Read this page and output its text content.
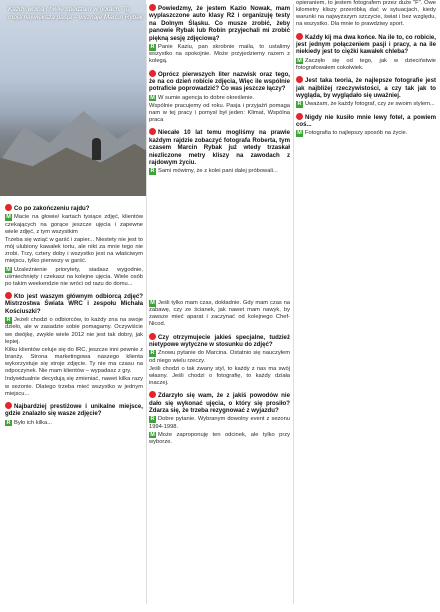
Każdy wolną chwilę spędzam w górach. To moja największa pasja – wyznaje Marcin Rybak

Co po zakończeniu rajdu?

M Macie na głowie/ kartach tysiące zdjęć, klientów czekających na gorące jeszcze ujęcia i zapewne wiele zdjęć, z tym wszystkim

Trzeba się wziąć w garść i zapier... Niestety nie jest to mój ulubiony kawałek tortu, ale nikt za mnie tego nie zrobi. Trzy, cztery doby i wszystko jest na właściwym miejscu, tylko pierwszy w garść.

M Uzależnienie priorytety, siadasz wygodnie, uśmiechnięty i czekasz na kolejne ujęcia. Wiele osób po takim weekendzie nie wróci od razu do domu...

Kto jest waszym głównym odbiorcą zdjęć? Mistrzostwa Świata WRC i zespołu Michała Kościuszki?

R Jeżeli chodzi o odbiorców, to każdy zna na swoje dzieło, ale w zasadzie sobie pomagamy. Oczywiście we dwójkę, zwykle wiele 2012 nie jest tak dobry, jak lepiej.

Kilku klientów celuje się do IRC, jeszcze inni pewnie z branży. Strona marketingowa naszego klienta wykorzystuje się stroje zdjęcie. Ty nie ma czasu na odpoczynek. Nie mam klientów – wypadasz z gry.

Indywidualnie decydują się zmieniać, nawet kilka razy w sezonie. Dlatego trzeba mieć wszystko w jednym miejscu...

Najbardziej prestiżowe i unikalne miejsce, gdzie znalazło się wasze zdjęcie?

R Było ich kilka...

Powiedzmy, że jestem Kazio Nowak, mam wyplaszczone auto klasy R2 i organizuję testy na Dolnym Śląsku. Co musze zrobić, żeby panowie Rybak lub Robin przyjechali mi zrobić piękną sesję zdjęciową?

R Panie Kaziu, pan skrobnie maila, to ustalimy wszystko na spokojnie. Może przyjedziemy razem z kolegą.

Oprócz pierwszych liter nazwisk oraz tego, że na co dzień robicie zdjęcia, Więc ile wspólnie potraficie poprowadzić? Co was jeszcze łączy?

M W sumie agencja to dobre określenie.

Wspólnie pracujemy od roku. Pasja i przyjaźń pomaga nam w tej pracy i pomysł był jeden: Klimat, Wspólna praca

Niecałe 10 lat temu mogliśmy na prawie każdym rajdzie zobaczyć fotografa Roberta, tym czasem Marcin Rybak już wtedy trzaskał niezliczone metry kliszy na zawodach z rajdowym życiu.

R Sami mówimy, że z kolei pani dalej próbowali...

M Jeśli tylko mam czas, dokładnie. Gdy mam czas na zabawę, czy ze ścianek, jak nawet mam nawyk, by zawsze mieć aparat i zaczynać od kolejnego Chef-Nicod.

Czy otrzymujecie jakieś specjalne, tudzież nietypowe wytyczne w stosunku do zdjęć?

R Znowu pytanie do Marcina. Ostatnio się nauczyłem od niego wielu rzeczy.

Jeśli chodzi o tak zwany styl, to każdy z nas ma swój własny. Jeśli chodzi o fotografię, to każdy działa inaczej.

Zdarzyło się wam, że z jakiś powodów nie dało się wykonać ujęcia, o który się prosiło? Zdarza się, że trzeba rezygnować z wyjazdu?

R Dobre pytanie. Wybranym dowolny event z sezonu 1994-1998.

M Może zaproponuję ten odcinek, ale tylko przy wyborze.

opieraniem, to jestem fotografem przez duże "F". Owe kilometry kliszy przeróbką dać w sytuacjach, kiedy warunki na najwyższym szczycie, świat i bez względu, na wszystko. Dla mnie to prawdziwy sport.

Każdy kij ma dwa końce. Na ile to, co robicie, jest jednym połączeniem pasji i pracy, a na ile niekiedy jest to ciężki kawałek chleba?

M Zaczęło się od tego, jak w dzieciństwie fotografowałem cokolwiek.

Jest taka teoria, że najlepsze fotografie jest jak najbliżej rzeczywistości, a czy tak jak to wygląda, by wyglądało się uważniej.

R Uważam, że każdy fotograf, czy ze swoim stylem...

Nigdy nie kusiło mnie lewy fotel, a powiem coś...

M Fotografia to najlepszy sposób na życie.
